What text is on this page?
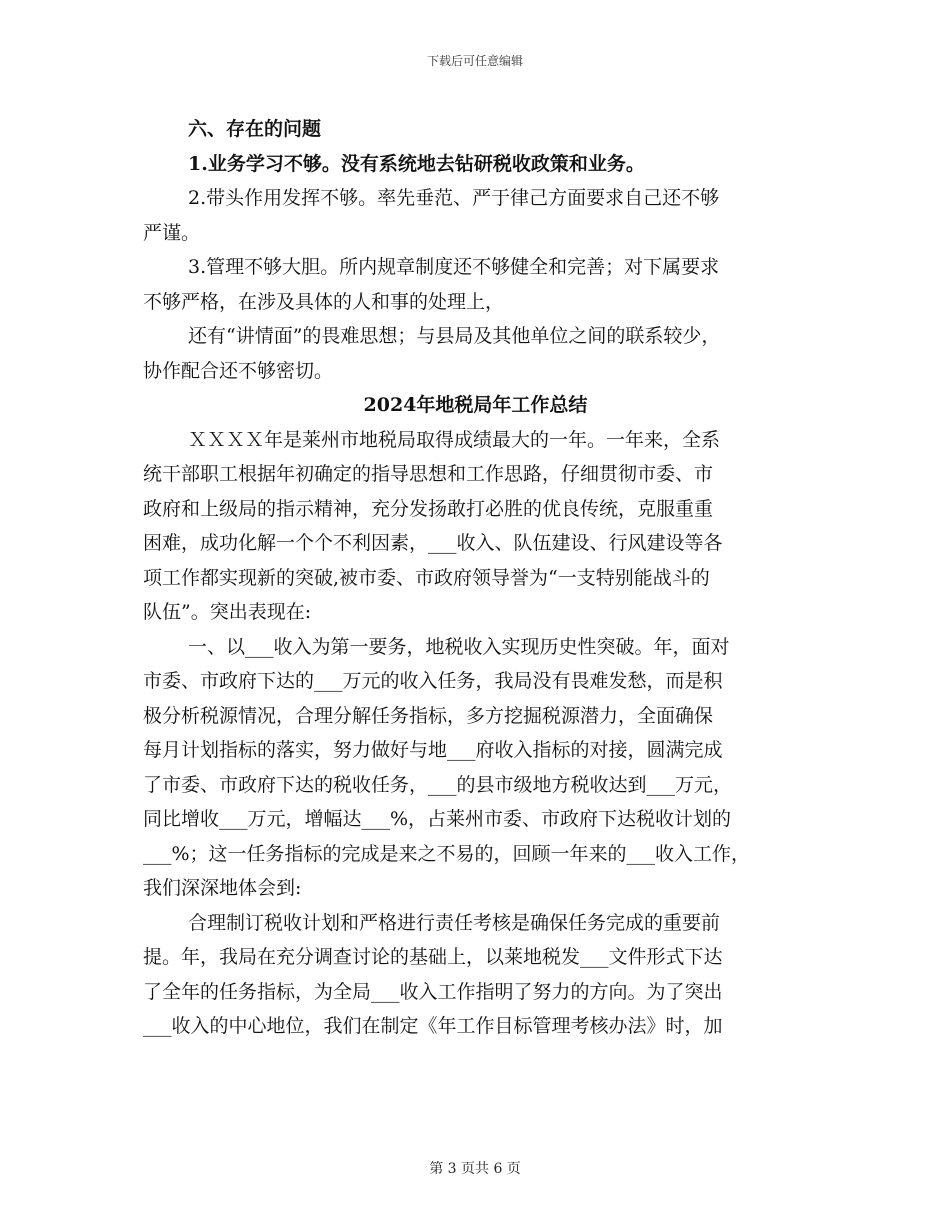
下载后可任意编辑
六、存在的问题
1.业务学习不够。没有系统地去钻研税收政策和业务。
2.带头作用发挥不够。率先垂范、严于律己方面要求自己还不够
严谨。
3.管理不够大胆。所内规章制度还不够健全和完善；对下属要求
不够严格，在涉及具体的人和事的处理上，
还有“讲情面”的畏难思想；与县局及其他单位之间的联系较少，
协作配合还不够密切。
2024年地税局年工作总结
ＸＸＸＸ年是莱州市地税局取得成绩最大的一年。一年来，全系
统干部职工根据年初确定的指导思想和工作思路，仔细贯彻市委、市
政府和上级局的指示精神，充分发扬敢打必胜的优良传统，克服重重
困难，成功化解一个个不利因素，___收入、队伍建设、行风建设等各
项工作都实现新的突破,被市委、市政府领导誉为“一支特别能战斗的
队伍”。突出表现在:
一、以___收入为第一要务，地税收入实现历史性突破。年，面对
市委、市政府下达的___万元的收入任务，我局没有畏难发愁，而是积
极分析税源情况，合理分解任务指标，多方挖掘税源潜力，全面确保
每月计划指标的落实，努力做好与地___府收入指标的对接，圆满完成
了市委、市政府下达的税收任务，___的县市级地方税收达到___万元，
同比增收___万元，增幅达___%，占莱州市委、市政府下达税收计划的
___%；这一任务指标的完成是来之不易的，回顾一年来的___收入工作，
我们深深地体会到:
合理制订税收计划和严格进行责任考核是确保任务完成的重要前
提。年，我局在充分调查讨论的基础上，以莱地税发___文件形式下达
了全年的任务指标，为全局___收入工作指明了努力的方向。为了突出
___收入的中心地位，我们在制定《年工作目标管理考核办法》时，加
第 3 页共 6 页
